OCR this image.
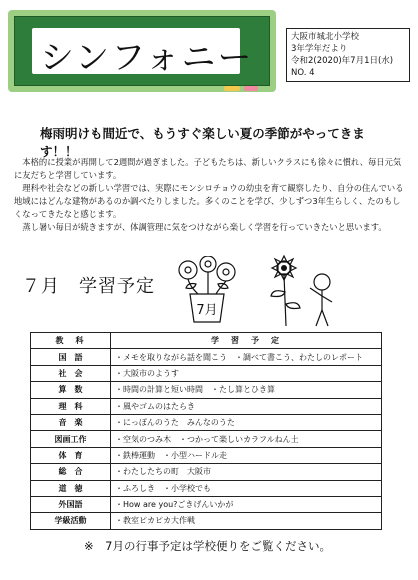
シンフォニー
大阪市城北小学校
3年学年だより
令和2(2020)年7月1日(水)
NO. 4
梅雨明けも間近で、もうすぐ楽しい夏の季節がやってきます！！

本格的に授業が再開して2週間が過ぎました。子どもたちは、新しいクラスにも徐々に慣れ、毎日元気に友だちと学習しています。

理科や社会などの新しい学習では、実際にモンシロチョウの幼虫を育て観察したり、自分の住んでいる地域にはどんな建物があるのか調べたりしました。多くのことを学び、少しずつ3年生らしく、たのもしくなってきたなと感じます。

蒸し暑い毎日が続きますが、体調管理に気をつけながら楽しく学習を行っていきたいと思います。

７月　学習予定
7月
教　科	学　習　予　定
国　語	・メモを取りながら話を聞こう　・調べて書こう、わたしのレポート
社　会	・大阪市のようす
算　数	・時間の計算と短い時間　・たし算とひき算
理　科	・風やゴムのはたらき
音　楽	・にっぽんのうた　みんなのうた
図画工作	・空気のつみ木　・つかって楽しいカラフルねん土
体　育	・鉄棒運動　・小型ハードル走
総　合	・わたしたちの町　大阪市
道　徳	・ふろしき　・小学校でも
外国語	・How are you?ごきげんいかが
学級活動	・教室ピカピカ大作戦
※　7月の行事予定は学校便りをご覧ください。
